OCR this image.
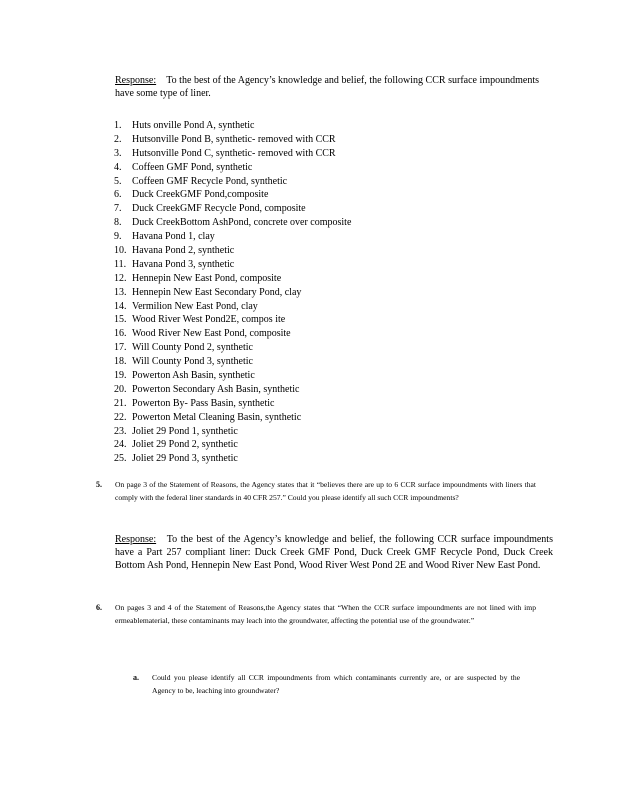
Response: To the best of the Agency’s knowledge and belief, the following CCR surface impoundments have some type of liner.
1.	Huts onville Pond A, synthetic
2.	Hutsonville Pond B, synthetic- removed with CCR
3.	Hutsonville Pond C, synthetic- removed with CCR
4.	Coffeen GMF Pond, synthetic
5.	Coffeen GMF Recycle Pond, synthetic
6.	Duck CreekGMF Pond,composite
7.	Duck CreekGMF Recycle Pond, composite
8.	Duck CreekBottom AshPond, concrete over composite
9.	Havana Pond 1, clay
10. Havana Pond 2, synthetic
11. Havana Pond 3, synthetic
12. Hennepin New East Pond, composite
13. Hennepin New East Secondary Pond, clay
14. Vermilion New East Pond, clay
15. Wood River West Pond2E, compos ite
16. Wood River New East Pond, composite
17. Will County Pond 2, synthetic
18. Will County Pond 3, synthetic
19. Powerton Ash Basin, synthetic
20. Powerton Secondary Ash Basin, synthetic
21. Powerton By- Pass Basin, synthetic
22. Powerton Metal Cleaning Basin, synthetic
23. Joliet 29 Pond 1, synthetic
24. Joliet 29 Pond 2, synthetic
25. Joliet 29 Pond 3, synthetic
5. On page 3 of the Statement of Reasons, the Agency states that it “believes there are up to 6 CCR surface impoundments with liners that comply with the federal liner standards in 40 CFR 257.” Could you please identify all such CCR impoundments?
Response: To the best of the Agency’s knowledge and belief, the following CCR surface impoundments have a Part 257 compliant liner: Duck Creek GMF Pond, Duck Creek GMF Recycle Pond, Duck Creek Bottom Ash Pond, Hennepin New East Pond, Wood River West Pond 2E and Wood River New East Pond.
6. On pages 3 and 4 of the Statement of Reasons,the Agency states that “When the CCR surface impoundments are not lined with imp ermeablematerial, these contaminants may leach into the groundwater, affecting the potential use of the groundwater.”
a. Could you please identify all CCR impoundments from which contaminants currently are, or are suspected by the Agency to be, leaching into groundwater?
